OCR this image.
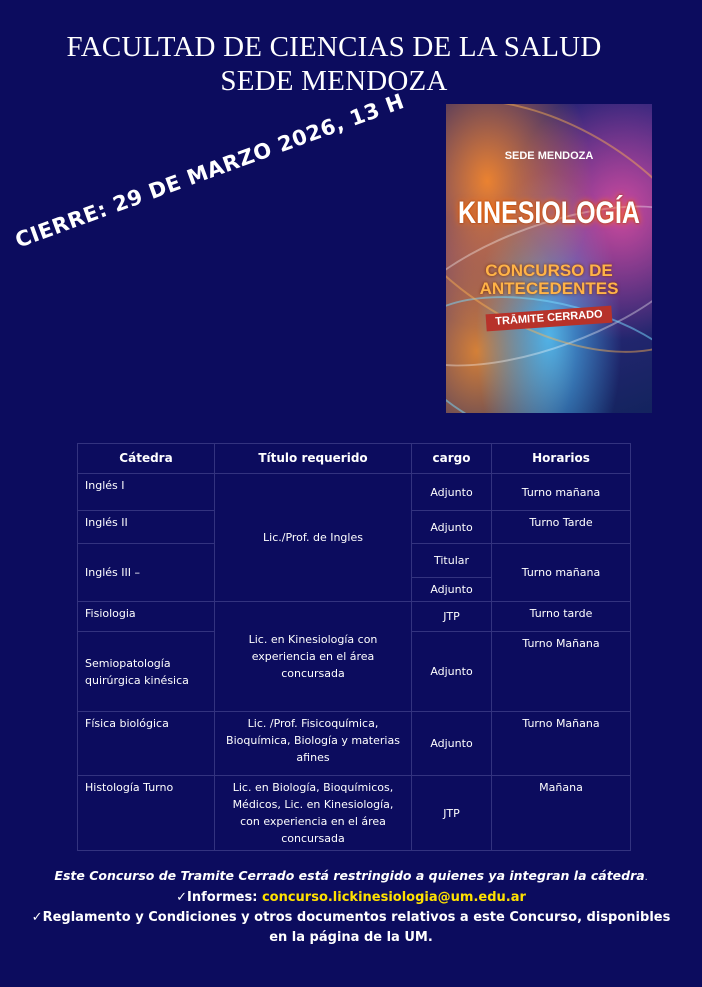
FACULTAD DE CIENCIAS DE LA SALUD
SEDE MENDOZA
CIERRE: 29 DE MARZO 2026, 13 H	SEDE MENDOZA
KINESIOLOGÍA
CONCURSO DE
ANTECEDENTES
TRĀMITE CERRADO
Cátedra	Título requerido	cargo	Horarios
Inglés I	Lic./Prof. de Ingles	Adjunto	Turno mañana
Inglés II		Adjunto	Turno Tarde
Inglés III –		Titular	Turno mañana
		Adjunto	
Fisiologia	Lic. en Kinesiología con experiencia en el área concursada	JTP	Turno tarde
Semiopatología quirúrgica kinésica		Adjunto	Turno Mañana
Física biológica	Lic. /Prof. Fisicoquímica, Bioquímica, Biología y materias afines	Adjunto	Turno Mañana
Histología Turno	Lic. en Biología, Bioquímicos, Médicos, Lic. en Kinesiología, con experiencia en el área concursada	JTP	Mañana
Este Concurso de Tramite Cerrado está restringido a quienes ya integran la cátedra.
✓Informes: concurso.lickinesiologia@um.edu.ar
✓Reglamento y Condiciones y otros documentos relativos a este Concurso, disponibles en la página de la UM.
